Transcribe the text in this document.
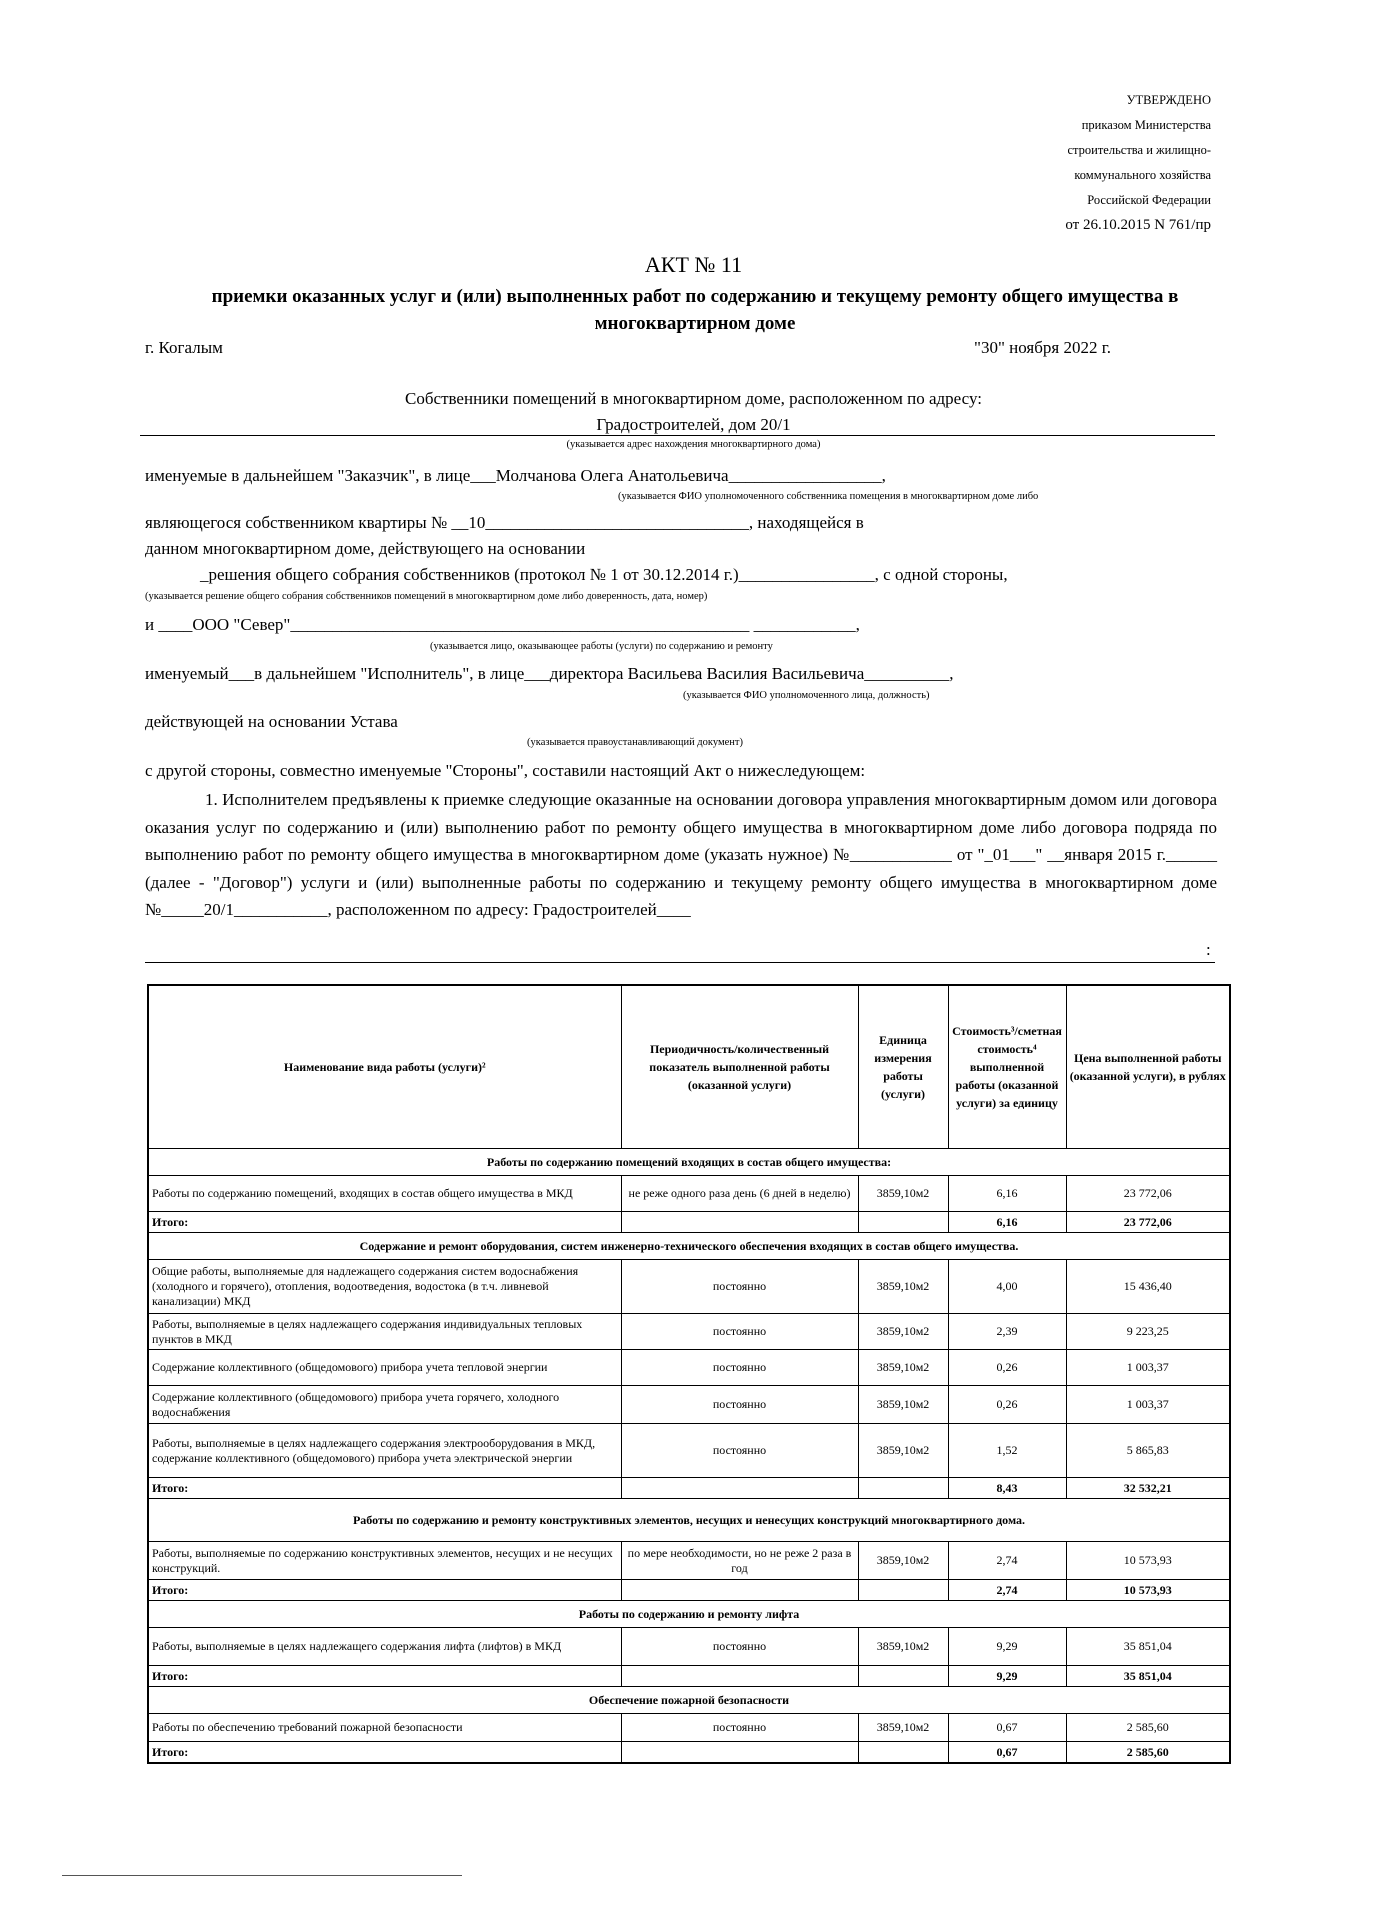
УТВЕРЖДЕНО
приказом Министерства
строительства и жилищно-
коммунального хозяйства
Российской Федерации
от 26.10.2015 N 761/пр
АКТ № 11
приемки оказанных услуг и (или) выполненных работ по содержанию и текущему ремонту общего имущества в многоквартирном доме
г. Когалым	"30" ноября 2022 г.
Собственники помещений в многоквартирном доме, расположенном по адресу:
Градостроителей, дом 20/1
(указывается адрес нахождения многоквартирного дома)
именуемые в дальнейшем "Заказчик", в лице___Молчанова Олега Анатольевича__________________,
(указывается ФИО уполномоченного собственника помещения в многоквартирном доме либо
являющегося собственником квартиры № __10_______________________________, находящейся в
данном многоквартирном доме, действующего на основании
_решения общего собрания собственников (протокол № 1 от 30.12.2014 г.)________________, с одной стороны,
(указывается решение общего собрания собственников помещений в многоквартирном доме либо доверенность, дата, номер)
и ____ООО "Север"______________________________________________________ ____________,
(указывается лицо, оказывающее работы (услуги) по содержанию и ремонту
именуемый___в дальнейшем "Исполнитель", в лице___директора Васильева Василия Васильевича__________,
(указывается ФИО уполномоченного лица, должность)
действующей на основании Устава
(указывается правоустанавливающий документ)
с другой стороны, совместно именуемые "Стороны", составили настоящий Акт о нижеследующем:

1. Исполнителем предъявлены к приемке следующие оказанные на основании договора управления многоквартирным домом или договора оказания услуг по содержанию и (или) выполнению работ по ремонту общего имущества в многоквартирном доме либо договора подряда по выполнению работ по ремонту общего имущества в многоквартирном доме (указать нужное) №____________ от "_01___" __января 2015 г.______ (далее - "Договор") услуги и (или) выполненные работы по содержанию и текущему ремонту общего имущества в многоквартирном доме №_____20/1___________, расположенном по адресу: Градостроителей____

:
Наименование вида работы (услуги)²	Периодичность/количественный показатель выполненной работы (оказанной услуги)	Единица измерения работы (услуги)	Стоимость³/сметная стоимость⁴ выполненной работы (оказанной услуги) за единицу	Цена выполненной работы (оказанной услуги), в рублях
Работы по содержанию помещений входящих в состав общего имущества:				
Работы по содержанию помещений, входящих в состав общего имущества в МКД	не реже одного раза день (6 дней в неделю)	3859,10м2	6,16	23 772,06
Итого:			6,16	23 772,06
Содержание и ремонт оборудования, систем инженерно-технического обеспечения входящих в состав общего имущества.				
Общие работы, выполняемые для надлежащего содержания систем водоснабжения (холодного и горячего), отопления, водоотведения, водостока (в т.ч. ливневой канализации) МКД	постоянно	3859,10м2	4,00	15 436,40
Работы, выполняемые в целях надлежащего содержания индивидуальных тепловых пунктов в МКД	постоянно	3859,10м2	2,39	9 223,25
Содержание коллективного (общедомового) прибора учета тепловой энергии	постоянно	3859,10м2	0,26	1 003,37
Содержание коллективного (общедомового) прибора учета горячего, холодного водоснабжения	постоянно	3859,10м2	0,26	1 003,37
Работы, выполняемые в целях надлежащего содержания электрооборудования в МКД, содержание коллективного (общедомового) прибора учета электрической энергии	постоянно	3859,10м2	1,52	5 865,83
Итого:			8,43	32 532,21
Работы по содержанию и ремонту конструктивных элементов, несущих и ненесущих конструкций многоквартирного дома.				
Работы, выполняемые по содержанию конструктивных элементов, несущих и не несущих конструкций.	по мере необходимости, но не реже 2 раза в год	3859,10м2	2,74	10 573,93
Итого:			2,74	10 573,93
Работы по содержанию и ремонту лифта				
Работы, выполняемые в целях надлежащего содержания лифта (лифтов) в МКД	постоянно	3859,10м2	9,29	35 851,04
Итого:			9,29	35 851,04
Обеспечение пожарной безопасности				
Работы по обеспечению требований пожарной безопасности	постоянно	3859,10м2	0,67	2 585,60
Итого:			0,67	2 585,60
